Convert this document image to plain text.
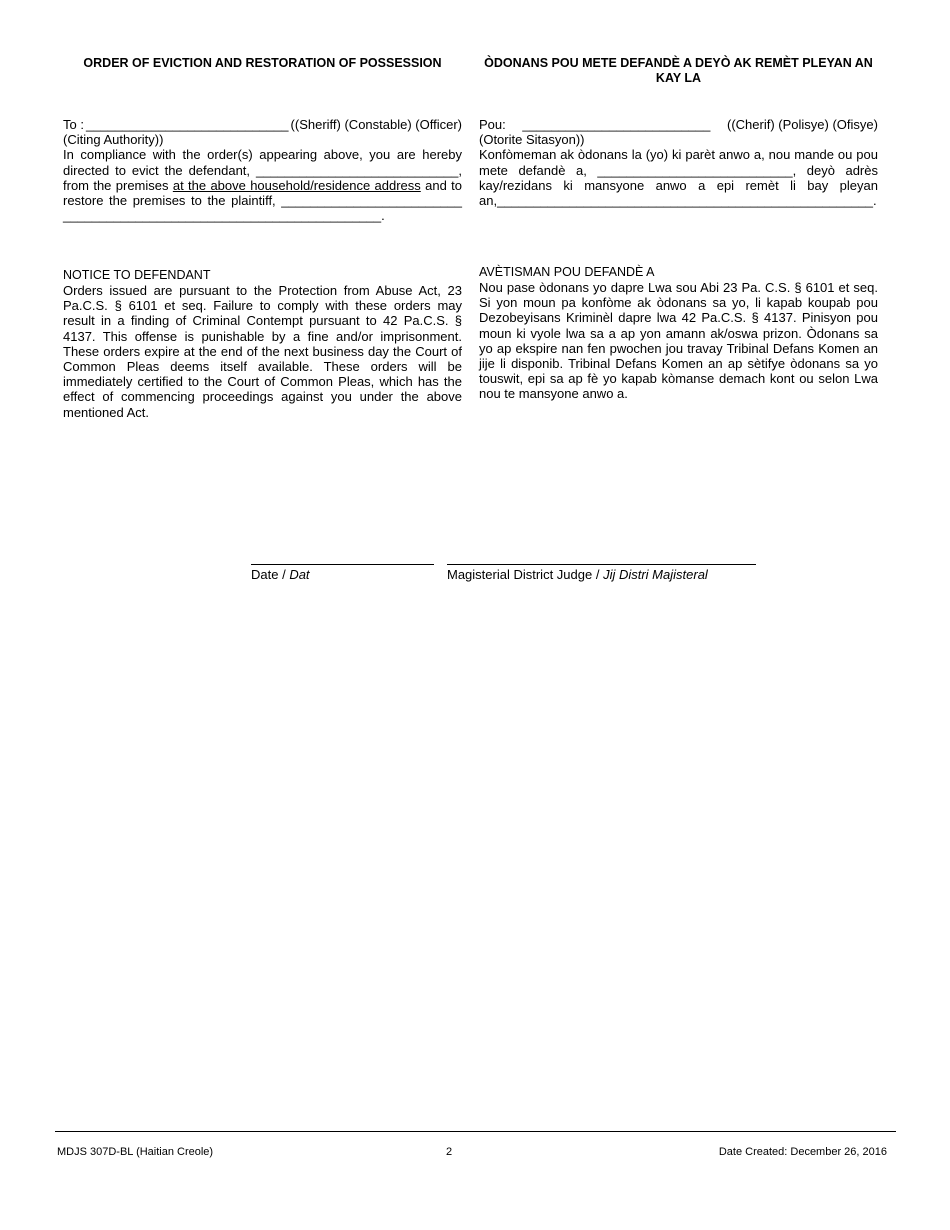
ORDER OF EVICTION AND RESTORATION OF POSSESSION

To : ____________________________ ((Sheriff) (Constable) (Officer)

(Citing Authority))

In compliance with the order(s) appearing above, you are hereby directed to evict the defendant, ____________________________, from the premises at the above household/residence address and to restore the premises to the plaintiff, _________________________ ____________________________________________.

NOTICE TO DEFENDANT

Orders issued are pursuant to the Protection from Abuse Act, 23 Pa.C.S. § 6101 et seq. Failure to comply with these orders may result in a finding of Criminal Contempt pursuant to 42 Pa.C.S. § 4137. This offense is punishable by a fine and/or imprisonment. These orders expire at the end of the next business day the Court of Common Pleas deems itself available. These orders will be immediately certified to the Court of Common Pleas, which has the effect of commencing proceedings against you under the above mentioned Act.

ÒDONANS POU METE DEFANDÈ A DEYÒ AK REMÈT PLEYAN AN KAY LA

Pou: __________________________ ((Cherif) (Polisye) (Ofisye)

(Otorite Sitasyon))

Konfòmeman ak òdonans la (yo) ki parèt anwo a, nou mande ou pou mete defandè a, ___________________________, deyò adrès kay/rezidans ki mansyone anwo a epi remèt li bay pleyan an,____________________________________________________.

AVÈTISMAN POU DEFANDÈ A

Nou pase òdonans yo dapre Lwa sou Abi 23 Pa. C.S. § 6101 et seq. Si yon moun pa konfòme ak òdonans sa yo, li kapab koupab pou Dezobeyisans Kriminèl dapre lwa 42 Pa.C.S. § 4137. Pinisyon pou moun ki vyole lwa sa a ap yon amann ak/oswa prizon. Òdonans sa yo ap ekspire nan fen pwochen jou travay Tribinal Defans Komen an jije li disponib. Tribinal Defans Komen an ap sètifye òdonans sa yo touswit, epi sa ap fè yo kapab kòmanse demach kont ou selon Lwa nou te mansyone anwo a.

Date / Dat	Magisterial District Judge / Jij Distri Majisteral
MDJS 307D-BL (Haitian Creole)	2	Date Created: December 26, 2016
